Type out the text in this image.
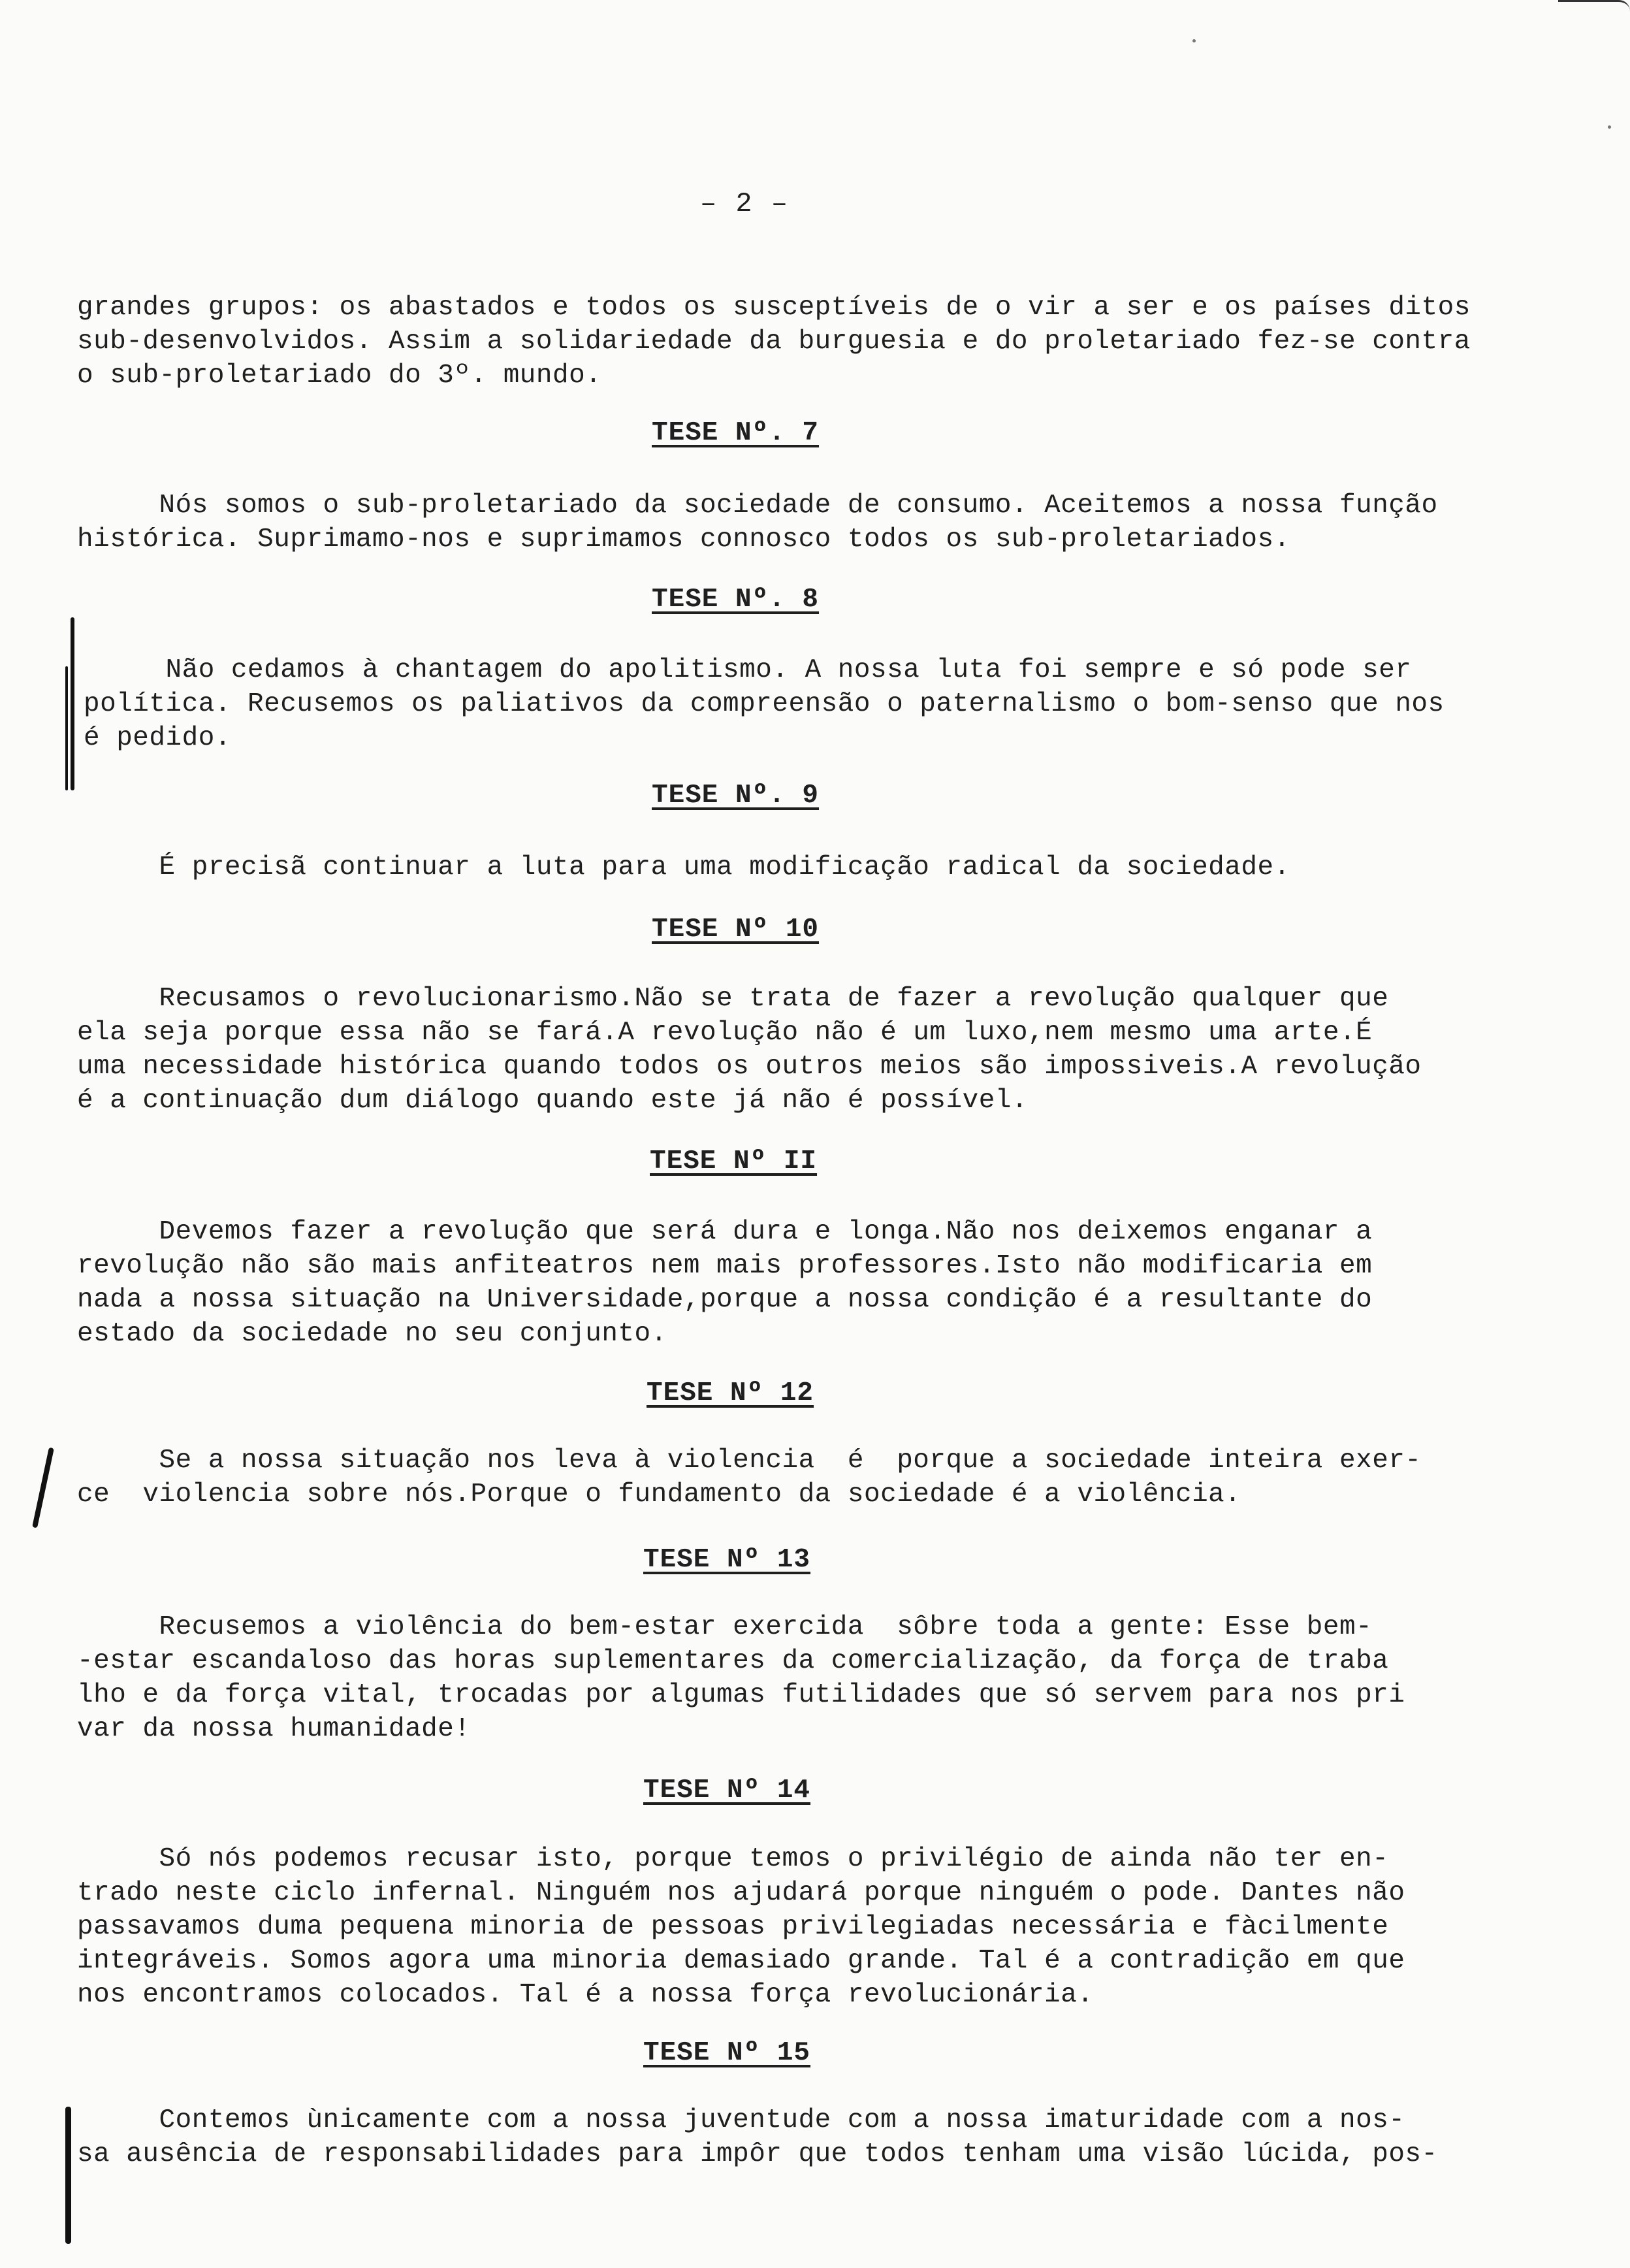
– 2 –

grandes grupos: os abastados e todos os susceptíveis de o vir a ser e os países ditos
sub-desenvolvidos. Assim a solidariedade da burguesia e do proletariado fez-se contra
o sub-proletariado do 3º. mundo.

TESE Nº. 7

Nós somos o sub-proletariado da sociedade de consumo. Aceitemos a nossa função
histórica. Suprimamo-nos e suprimamos connosco todos os sub-proletariados.

TESE Nº. 8

Não cedamos à chantagem do apolitismo. A nossa luta foi sempre e só pode ser
política. Recusemos os paliativos da compreensão o paternalismo o bom-senso que nos
é pedido.

TESE Nº. 9

É precisã continuar a luta para uma modificação radical da sociedade.

TESE Nº 10

Recusamos o revolucionarismo.Não se trata de fazer a revolução qualquer que
ela seja porque essa não se fará.A revolução não é um luxo,nem mesmo uma arte.É
uma necessidade histórica quando todos os outros meios são impossiveis.A revolução
é a continuação dum diálogo quando este já não é possível.

TESE Nº II

Devemos fazer a revolução que será dura e longa.Não nos deixemos enganar a
revolução não são mais anfiteatros nem mais professores.Isto não modificaria em
nada a nossa situação na Universidade,porque a nossa condição é a resultante do
estado da sociedade no seu conjunto.

TESE Nº 12

Se a nossa situação nos leva à violencia  é  porque a sociedade inteira exer-
ce  violencia sobre nós.Porque o fundamento da sociedade é a violência.

TESE Nº 13

Recusemos a violência do bem-estar exercida  sôbre toda a gente: Esse bem-
-estar escandaloso das horas suplementares da comercialização, da força de traba
lho e da força vital, trocadas por algumas futilidades que só servem para nos pri
var da nossa humanidade!

TESE Nº 14

Só nós podemos recusar isto, porque temos o privilégio de ainda não ter en-
trado neste ciclo infernal. Ninguém nos ajudará porque ninguém o pode. Dantes não
passavamos duma pequena minoria de pessoas privilegiadas necessária e fàcilmente
integráveis. Somos agora uma minoria demasiado grande. Tal é a contradição em que
nos encontramos colocados. Tal é a nossa força revolucionária.

TESE Nº 15

Contemos ùnicamente com a nossa juventude com a nossa imaturidade com a nos-
sa ausência de responsabilidades para impôr que todos tenham uma visão lúcida, pos-
